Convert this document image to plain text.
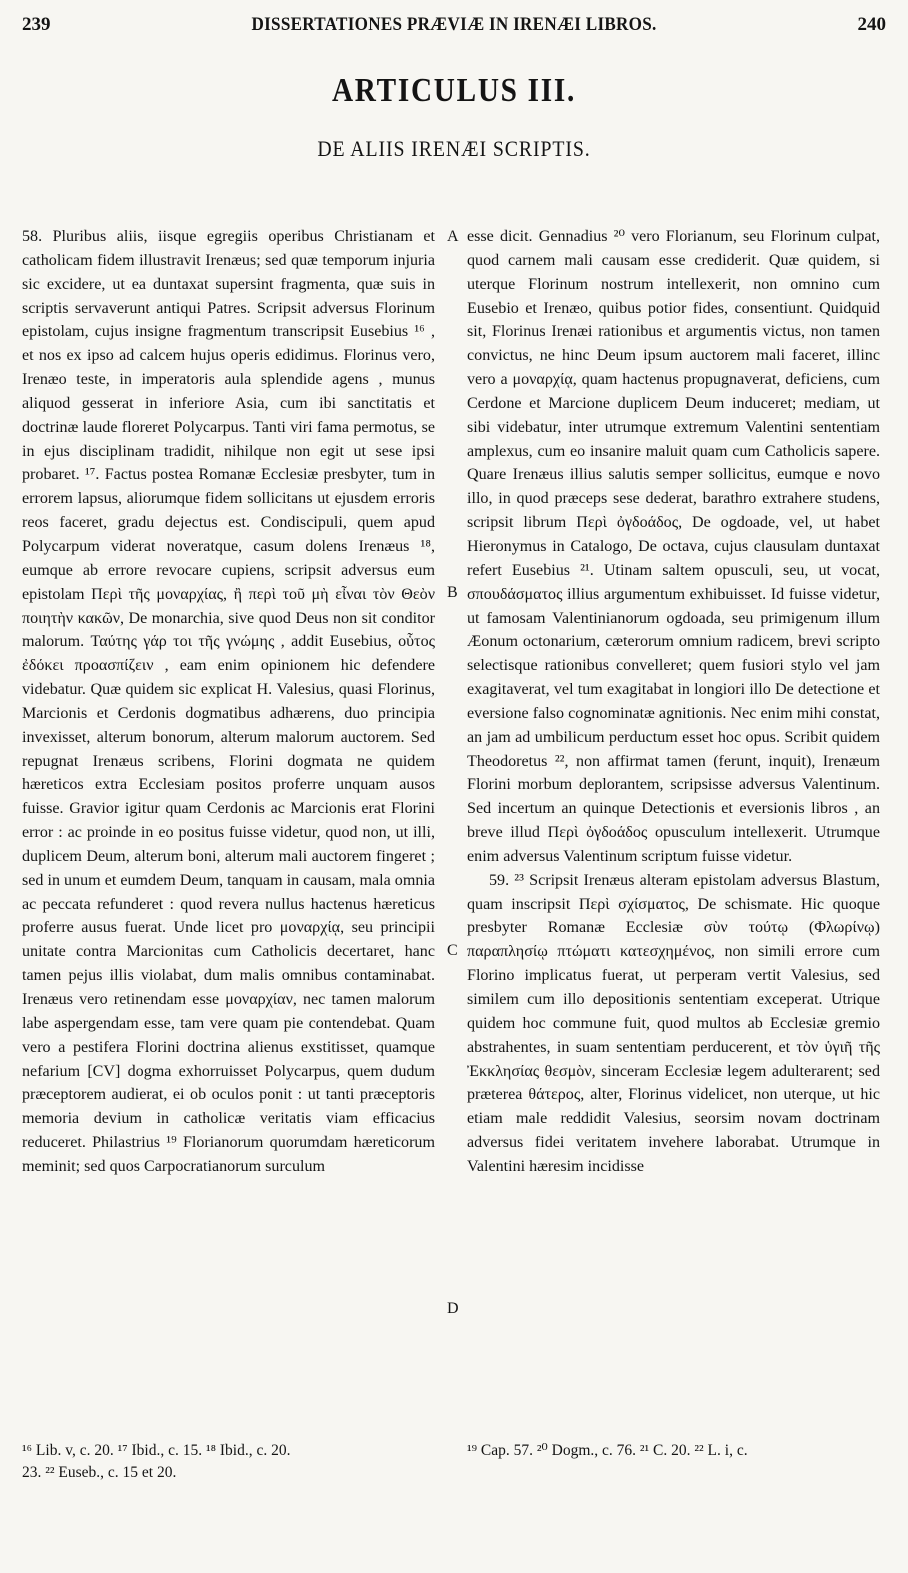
239	DISSERTATIONES PRÆVIÆ IN IRENÆI LIBROS.	240
ARTICULUS III.
DE ALIIS IRENÆI SCRIPTIS.

58. Pluribus aliis, iisque egregiis operibus Christianam et catholicam fidem illustravit Irenæus; sed quæ temporum injuria sic excidere, ut ea duntaxat supersint fragmenta, quæ suis in scriptis servaverunt antiqui Patres. Scripsit adversus Florinum epistolam, cujus insigne fragmentum transcripsit Eusebius ¹⁶ , et nos ex ipso ad calcem hujus operis edidimus. Florinus vero, Irenæo teste, in imperatoris aula splendide agens , munus aliquod gesserat in inferiore Asia, cum ibi sanctitatis et doctrinæ laude floreret Polycarpus. Tanti viri fama permotus, se in ejus disciplinam tradidit, nihilque non egit ut sese ipsi probaret. ¹⁷. Factus postea Romanæ Ecclesiæ presbyter, tum in errorem lapsus, aliorumque fidem sollicitans ut ejusdem erroris reos faceret, gradu dejectus est. Condiscipuli, quem apud Polycarpum viderat noveratque, casum dolens Irenæus ¹⁸, eumque ab errore revocare cupiens, scripsit adversus eum epistolam Περὶ τῆς μοναρχίας, ἢ περὶ τοῦ μὴ εἶναι τὸν Θεὸν ποιητὴν κακῶν, De monarchia, sive quod Deus non sit conditor malorum. Ταύτης γάρ τοι τῆς γνώμης , addit Eusebius, οὗτος ἐδόκει προασπίζειν , eam enim opinionem hic defendere videbatur. Quæ quidem sic explicat H. Valesius, quasi Florinus, Marcionis et Cerdonis dogmatibus adhærens, duo principia invexisset, alterum bonorum, alterum malorum auctorem. Sed repugnat Irenæus scribens, Florini dogmata ne quidem hæreticos extra Ecclesiam positos proferre unquam ausos fuisse. Gravior igitur quam Cerdonis ac Marcionis erat Florini error : ac proinde in eo positus fuisse videtur, quod non, ut illi, duplicem Deum, alterum boni, alterum mali auctorem fingeret ; sed in unum et eumdem Deum, tanquam in causam, mala omnia ac peccata refunderet : quod revera nullus hactenus hæreticus proferre ausus fuerat. Unde licet pro μοναρχίᾳ, seu principii unitate contra Marcionitas cum Catholicis decertaret, hanc tamen pejus illis violabat, dum malis omnibus contaminabat. Irenæus vero retinendam esse μοναρχίαν, nec tamen malorum labe aspergendam esse, tam vere quam pie contendebat. Quam vero a pestifera Florini doctrina alienus exstitisset, quamque nefarium [CV] dogma exhorruisset Polycarpus, quem dudum præceptorem audierat, ei ob oculos ponit : ut tanti præceptoris memoria devium in catholicæ veritatis viam efficacius reduceret. Philastrius ¹⁹ Florianorum quorumdam hæreticorum meminit; sed quos Carpocratianorum surculum

esse dicit. Gennadius ²⁰ vero Florianum, seu Florinum culpat, quod carnem mali causam esse crediderit. Quæ quidem, si uterque Florinum nostrum intellexerit, non omnino cum Eusebio et Irenæo, quibus potior fides, consentiunt. Quidquid sit, Florinus Irenæi rationibus et argumentis victus, non tamen convictus, ne hinc Deum ipsum auctorem mali faceret, illinc vero a μοναρχίᾳ, quam hactenus propugnaverat, deficiens, cum Cerdone et Marcione duplicem Deum induceret; mediam, ut sibi videbatur, inter utrumque extremum Valentini sententiam amplexus, cum eo insanire maluit quam cum Catholicis sapere. Quare Irenæus illius salutis semper sollicitus, eumque e novo illo, in quod præceps sese dederat, barathro extrahere studens, scripsit librum Περὶ ὀγδοάδος, De ogdoade, vel, ut habet Hieronymus in Catalogo, De octava, cujus clausulam duntaxat refert Eusebius ²¹. Utinam saltem opusculi, seu, ut vocat, σπουδάσματος illius argumentum exhibuisset. Id fuisse videtur, ut famosam Valentinianorum ogdoada, seu primigenum illum Æonum octonarium, cæterorum omnium radicem, brevi scripto selectisque rationibus convelleret; quem fusiori stylo vel jam exagitaverat, vel tum exagitabat in longiori illo De detectione et eversione falso cognominatæ agnitionis. Nec enim mihi constat, an jam ad umbilicum perductum esset hoc opus. Scribit quidem Theodoretus ²², non affirmat tamen (ferunt, inquit), Irenæum Florini morbum deplorantem, scripsisse adversus Valentinum. Sed incertum an quinque Detectionis et eversionis libros , an breve illud Περὶ ὀγδοάδος opusculum intellexerit. Utrumque enim adversus Valentinum scriptum fuisse videtur.

59. ²³ Scripsit Irenæus alteram epistolam adversus Blastum, quam inscripsit Περὶ σχίσματος, De schismate. Hic quoque presbyter Romanæ Ecclesiæ σὺν τούτῳ (Φλωρίνῳ) παραπλησίῳ πτώματι κατεσχημένος, non simili errore cum Florino implicatus fuerat, ut perperam vertit Valesius, sed similem cum illo depositionis sententiam exceperat. Utrique quidem hoc commune fuit, quod multos ab Ecclesiæ gremio abstrahentes, in suam sententiam perducerent, et τὸν ὑγιῆ τῆς Ἐκκλησίας θεσμὸν, sinceram Ecclesiæ legem adulterarent; sed præterea θάτερος, alter, Florinus videlicet, non uterque, ut hic etiam male reddidit Valesius, seorsim novam doctrinam adversus fidei veritatem invehere laborabat. Utrumque in Valentini hæresim incidisse

A
B
C
D
¹⁶ Lib. v, c. 20. ¹⁷ Ibid., c. 15. ¹⁸ Ibid., c. 20.
23. ²² Euseb., c. 15 et 20.
¹⁹ Cap. 57. ²⁰ Dogm., c. 76. ²¹ C. 20. ²² L. i, c.
